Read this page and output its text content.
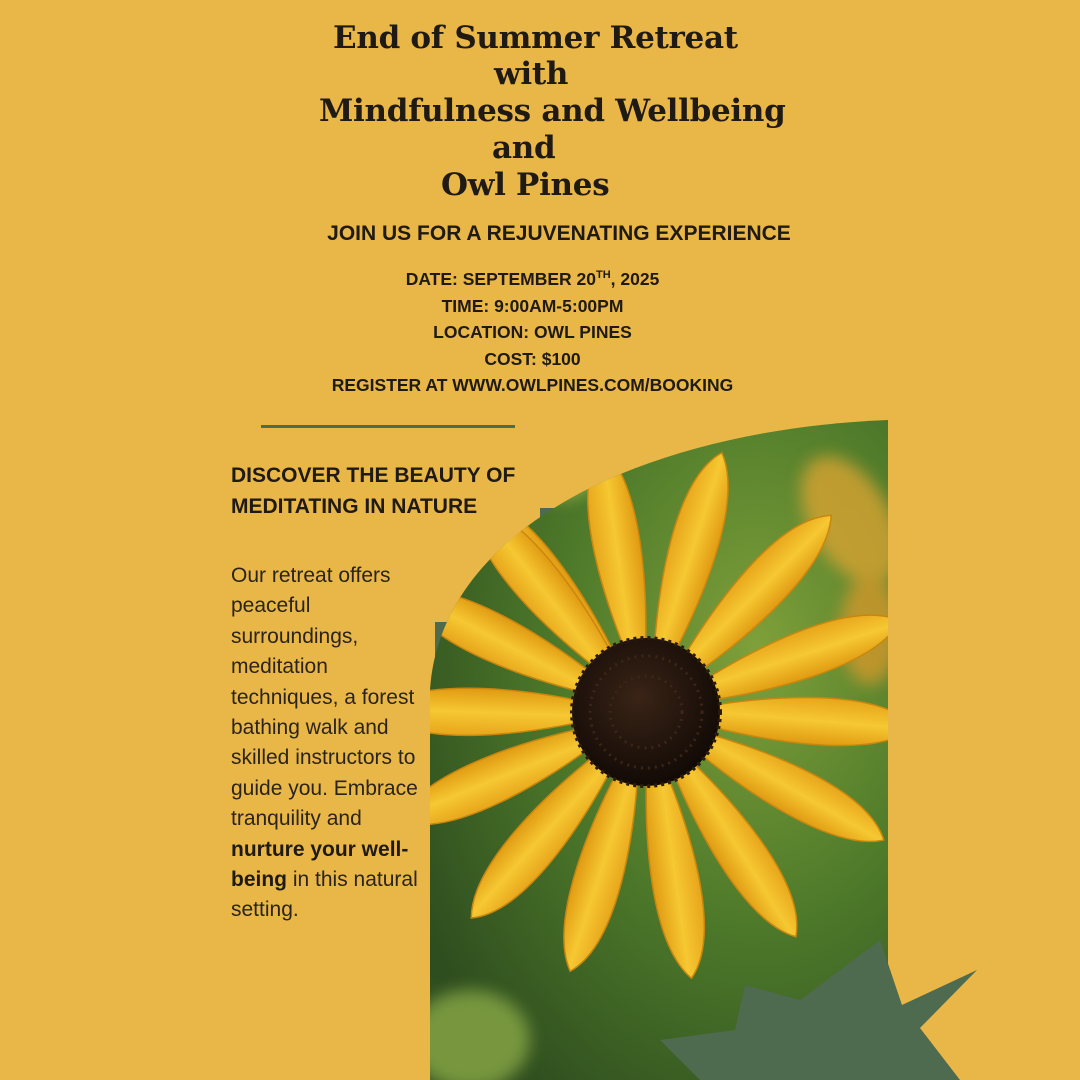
End of Summer Retreat
with
Mindfulness and Wellbeing
and
Owl Pines

JOIN US FOR A REJUVENATING EXPERIENCE

DATE: SEPTEMBER 20TH, 2025
TIME: 9:00AM-5:00PM
LOCATION: OWL PINES
COST: $100
REGISTER AT WWW.OWLPINES.COM/BOOKING
DISCOVER THE BEAUTY OF
MEDITATING IN NATURE

Our retreat offers peaceful surroundings, meditation techniques, a forest bathing walk and skilled instructors to guide you. Embrace tranquility and nurture your well-being in this natural setting.
